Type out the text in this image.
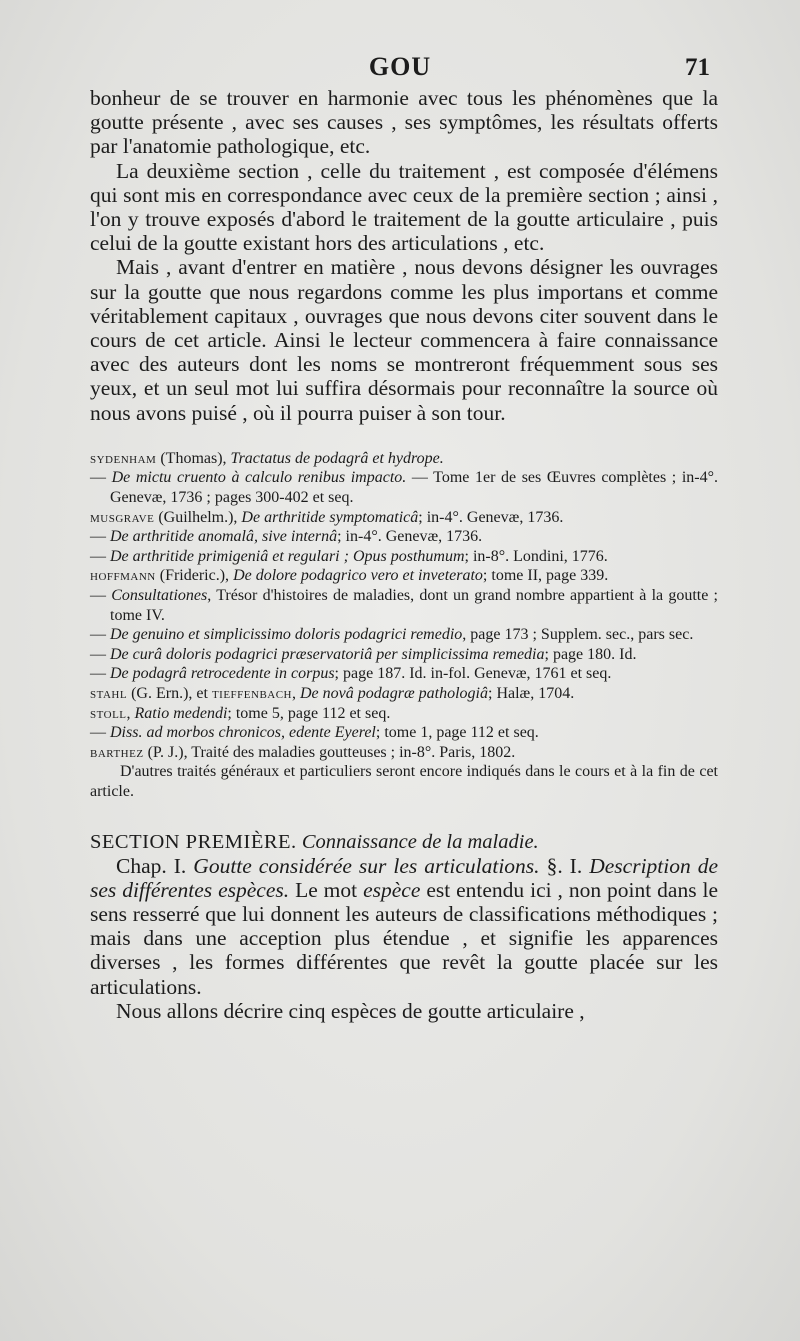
GOU	71

bonheur de se trouver en harmonie avec tous les phénomènes que la goutte présente , avec ses causes , ses symptômes, les résultats offerts par l'anatomie pathologique, etc.

La deuxième section , celle du traitement , est composée d'élémens qui sont mis en correspondance avec ceux de la première section ; ainsi , l'on y trouve exposés d'abord le traitement de la goutte articulaire , puis celui de la goutte existant hors des articulations , etc.

Mais , avant d'entrer en matière , nous devons désigner les ouvrages sur la goutte que nous regardons comme les plus importans et comme véritablement capitaux , ouvrages que nous devons citer souvent dans le cours de cet article. Ainsi le lecteur commencera à faire connaissance avec des auteurs dont les noms se montreront fréquemment sous ses yeux, et un seul mot lui suffira désormais pour reconnaître la source où nous avons puisé , où il pourra puiser à son tour.

sydenham (Thomas), Tractatus de podagrâ et hydrope.

— De mictu cruento à calculo renibus impacto. — Tome 1er de ses Œuvres complètes ; in-4°. Genevæ, 1736 ; pages 300-402 et seq.

musgrave (Guilhelm.), De arthritide symptomaticâ; in-4°. Genevæ, 1736.

— De arthritide anomalâ, sive internâ; in-4°. Genevæ, 1736.

— De arthritide primigeniâ et regulari ; Opus posthumum; in-8°. Londini, 1776.

hoffmann (Frideric.), De dolore podagrico vero et inveterato; tome II, page 339.

— Consultationes, Trésor d'histoires de maladies, dont un grand nombre appartient à la goutte ; tome IV.

— De genuino et simplicissimo doloris podagrici remedio, page 173 ; Supplem. sec., pars sec.

— De curâ doloris podagrici præservatoriâ per simplicissima remedia; page 180. Id.

— De podagrâ retrocedente in corpus; page 187. Id. in-fol. Genevæ, 1761 et seq.

stahl (G. Ern.), et tieffenbach, De novâ podagræ pathologiâ; Halæ, 1704.

stoll, Ratio medendi; tome 5, page 112 et seq.

— Diss. ad morbos chronicos, edente Eyerel; tome 1, page 112 et seq.

barthez (P. J.), Traité des maladies goutteuses ; in-8°. Paris, 1802.

D'autres traités généraux et particuliers seront encore indiqués dans le cours et à la fin de cet article.

SECTION PREMIÈRE. Connaissance de la maladie.

Chap. I. Goutte considérée sur les articulations. §. I. Description de ses différentes espèces. Le mot espèce est entendu ici , non point dans le sens resserré que lui donnent les auteurs de classifications méthodiques ; mais dans une acception plus étendue , et signifie les apparences diverses , les formes différentes que revêt la goutte placée sur les articulations.

Nous allons décrire cinq espèces de goutte articulaire ,
